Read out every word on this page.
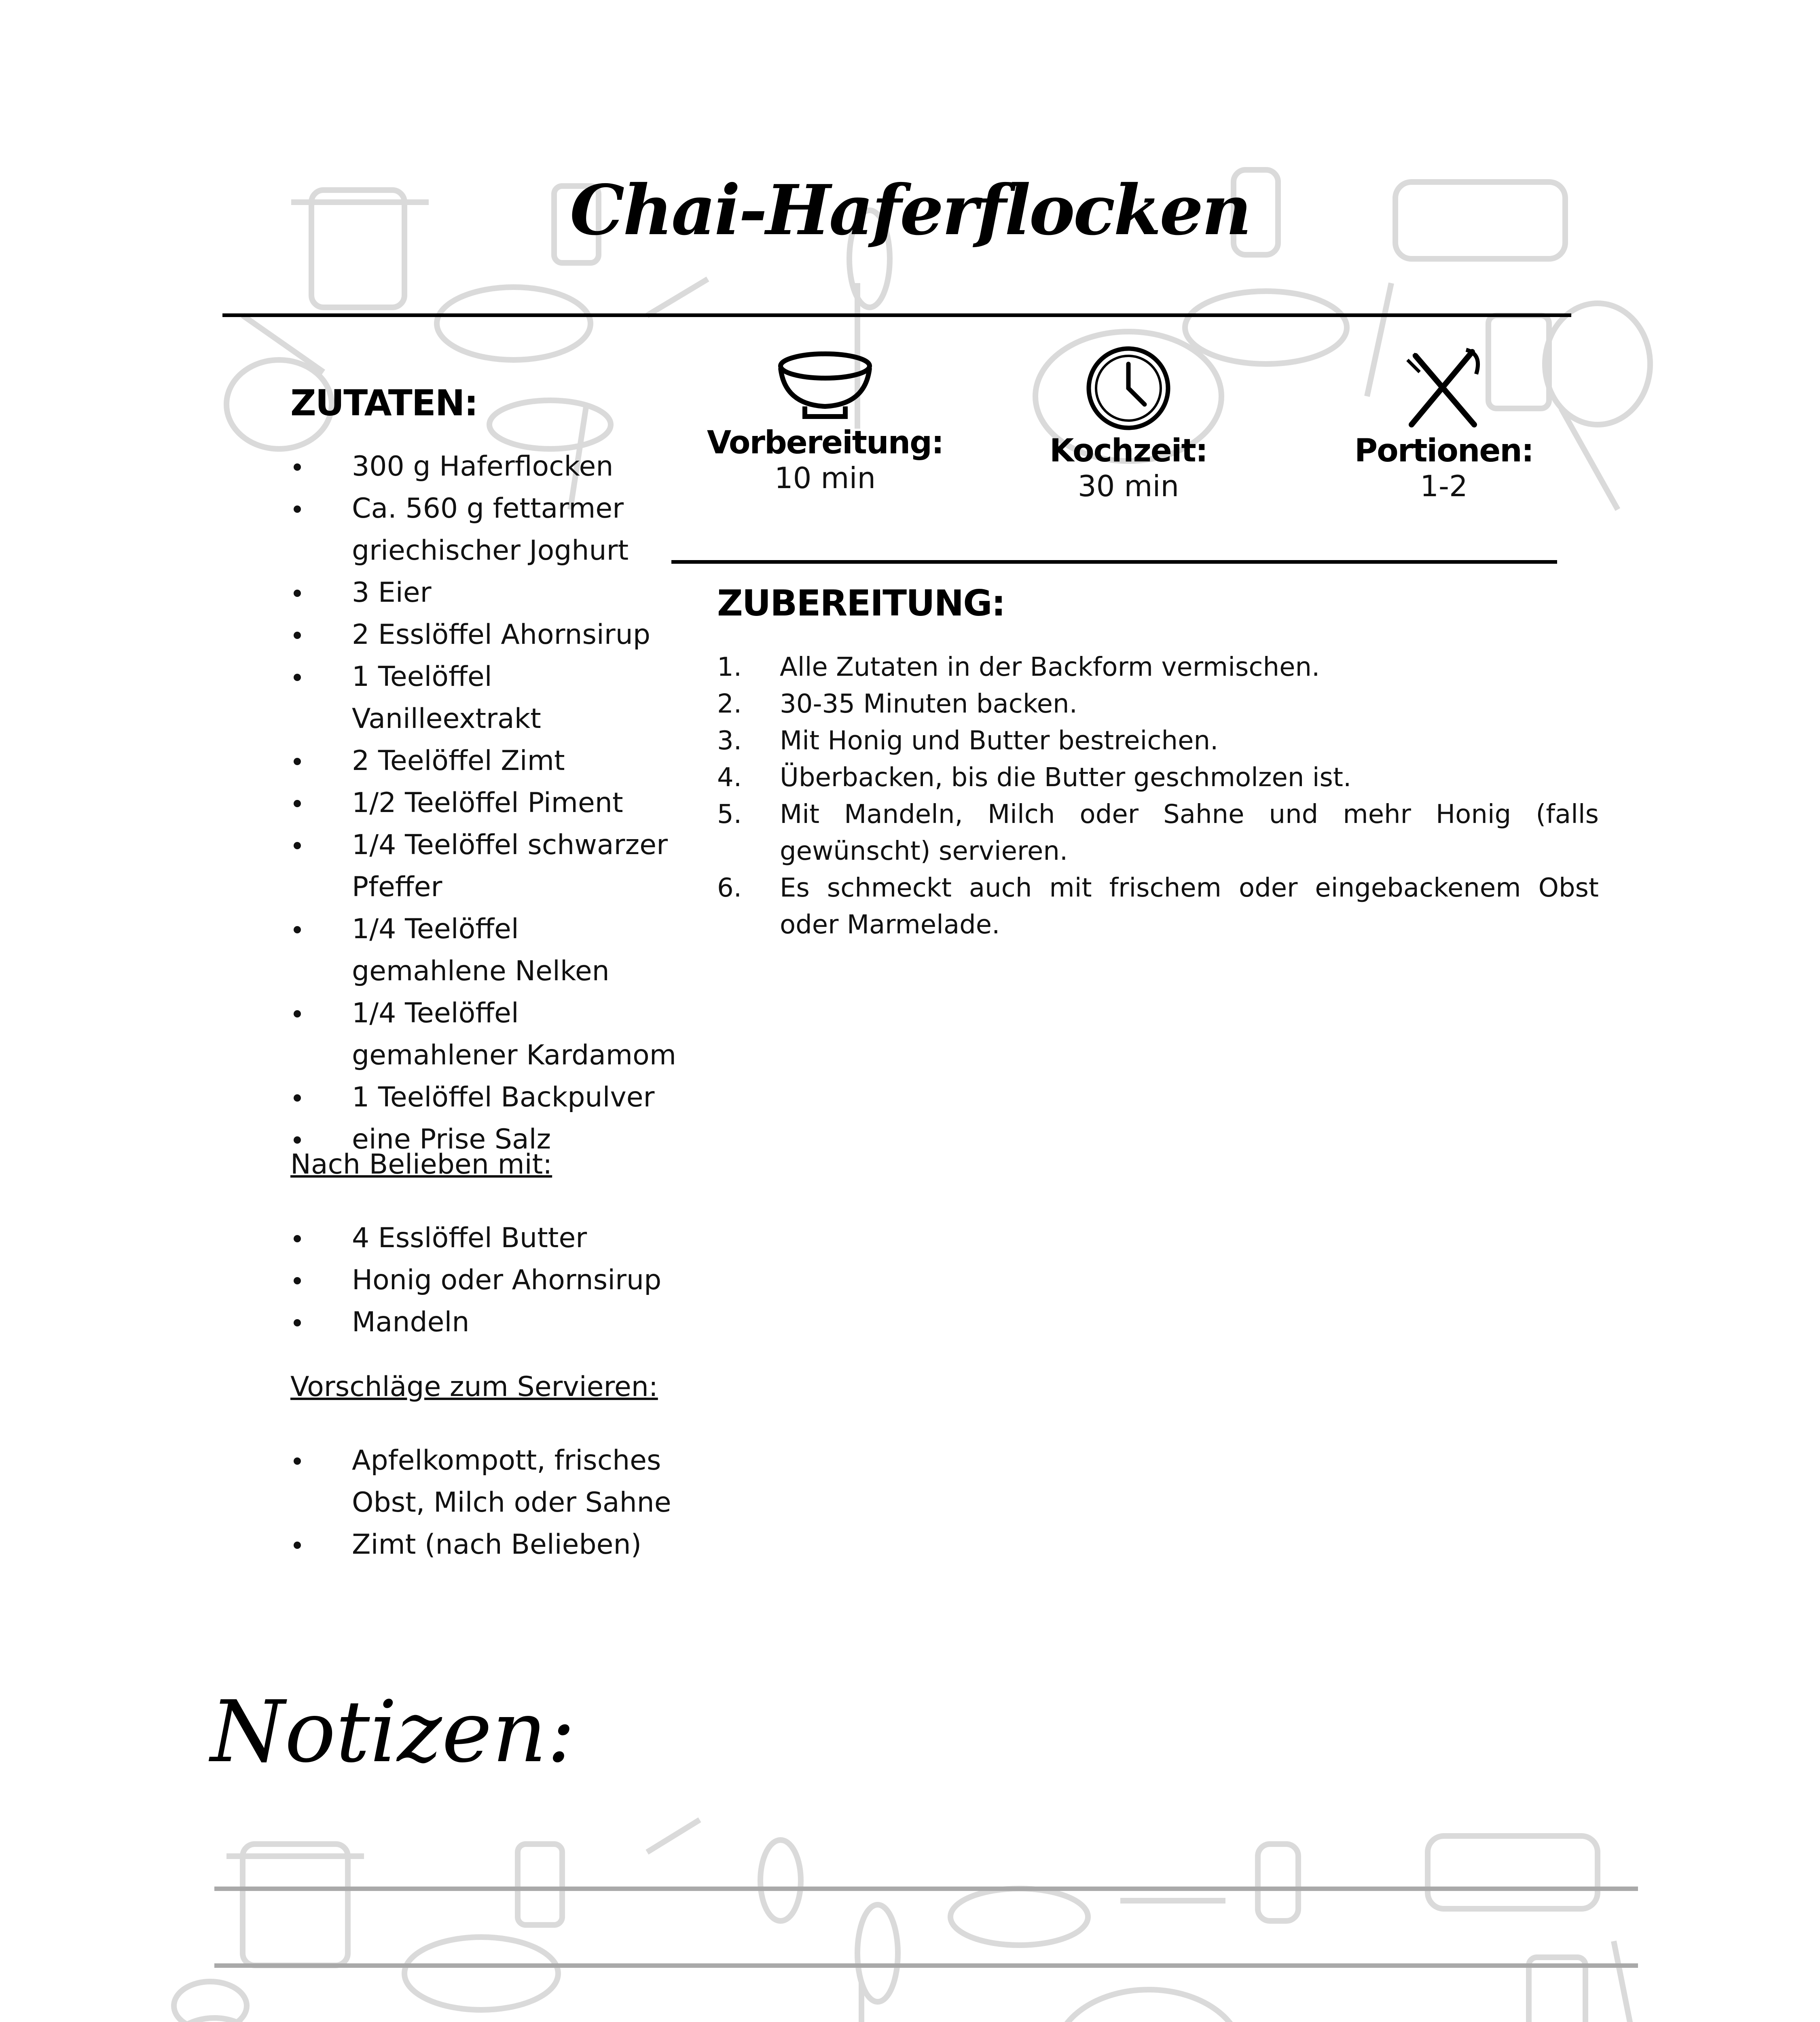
Chai-Haferflocken
ZUTATEN:
300 g Haferflocken
Ca. 560 g fettarmer griechischer Joghurt
3 Eier
2 Esslöffel Ahornsirup
1 Teelöffel Vanilleextrakt
2 Teelöffel Zimt
1/2 Teelöffel Piment
1/4 Teelöffel schwarzer Pfeffer
1/4 Teelöffel gemahlene Nelken
1/4 Teelöffel gemahlener Kardamom
1 Teelöffel Backpulver
eine Prise Salz
Nach Belieben mit:
4 Esslöffel Butter
Honig oder Ahornsirup
Mandeln
Vorschläge zum Servieren:
Apfelkompott, frisches Obst, Milch oder Sahne
Zimt (nach Belieben)
Vorbereitung:
10 min
Kochzeit:
30 min
Portionen:
1-2
ZUBEREITUNG:
1. Alle Zutaten in der Backform vermischen.
2. 30-35 Minuten backen.
3. Mit Honig und Butter bestreichen.
4. Überbacken, bis die Butter geschmolzen ist.
5. Mit Mandeln, Milch oder Sahne und mehr Honig (falls gewünscht) servieren.
6. Es schmeckt auch mit frischem oder eingebackenem Obst oder Marmelade.
Notizen:
